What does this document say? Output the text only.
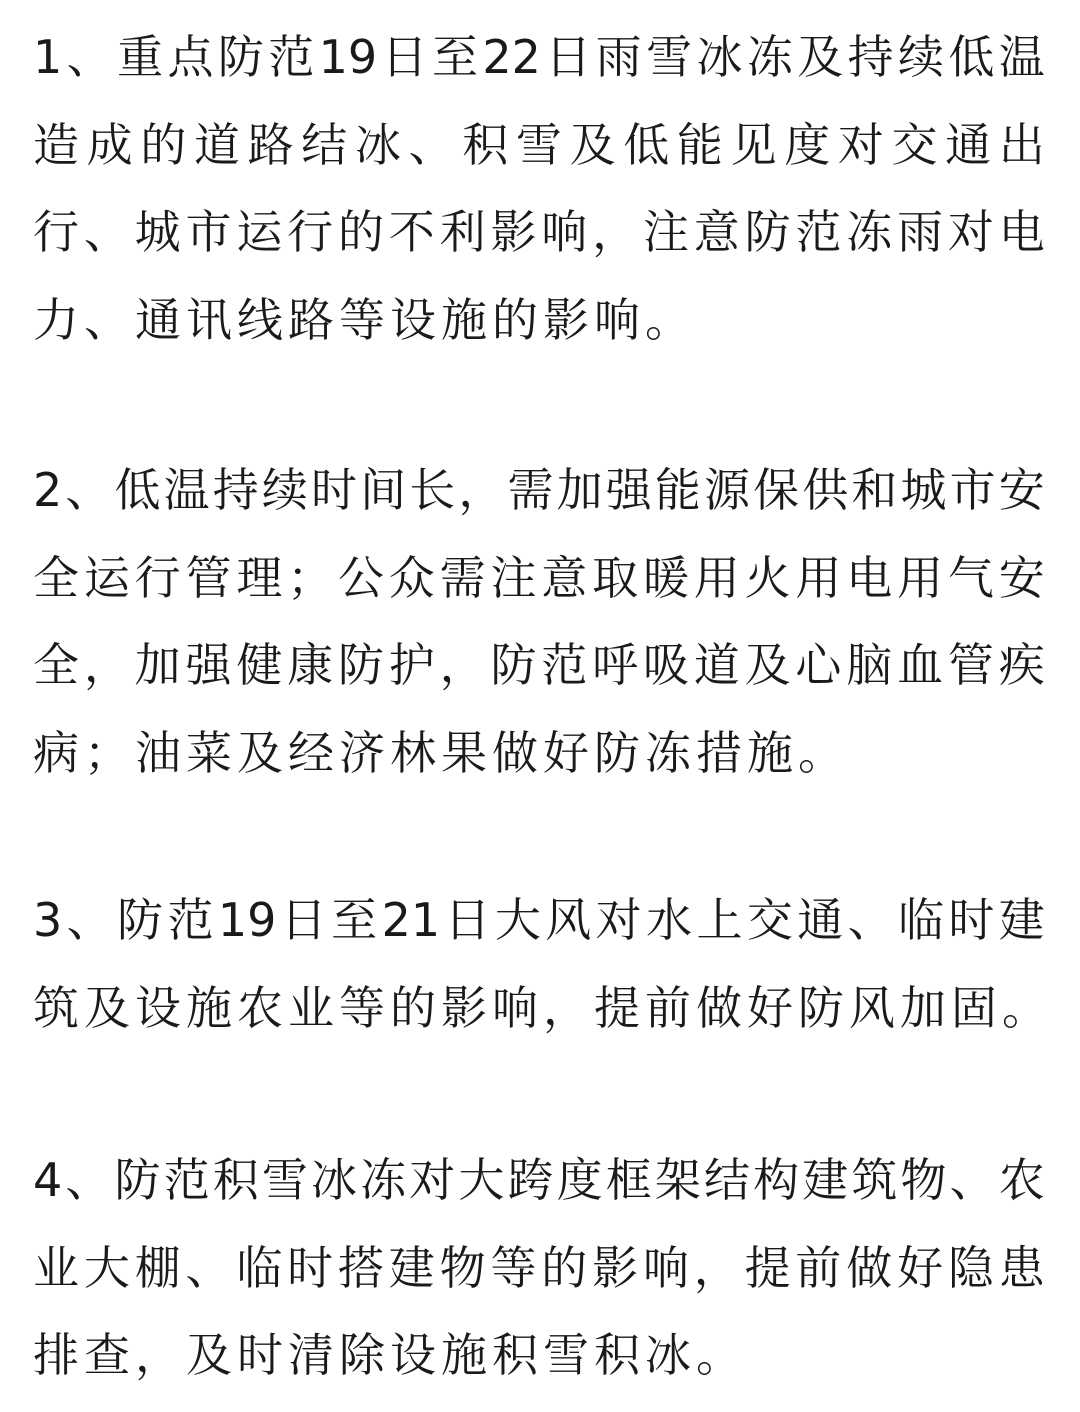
1 、 重 点 防 范 19 日 至 22 日 雨 雪 冰 冻 及 持 续 低 温
造 成 的 道 路 结 冰 、 积 雪 及 低 能 见 度 对 交 通 出
行 、 城 市 运 行 的 不 利 影 响 ， 注 意 防 范 冻 雨 对 电
力、通讯线路等设施的影响。
2 、 低 温 持 续 时 间 长 ， 需 加 强 能 源 保 供 和 城 市 安
全 运 行 管 理 ； 公 众 需 注 意 取 暖 用 火 用 电 用 气 安
全 ， 加 强 健 康 防 护 ， 防 范 呼 吸 道 及 心 脑 血 管 疾
病；油菜及经济林果做好防冻措施。
3 、 防 范 19 日 至 21 日 大 风 对 水 上 交 通 、 临 时 建
筑及设施农业等的影响，提前做好防风加固。
4 、 防 范 积 雪 冰 冻 对 大 跨 度 框 架 结 构 建 筑 物 、 农
业 大 棚 、 临 时 搭 建 物 等 的 影 响 ， 提 前 做 好 隐 患
排查，及时清除设施积雪积冰。
